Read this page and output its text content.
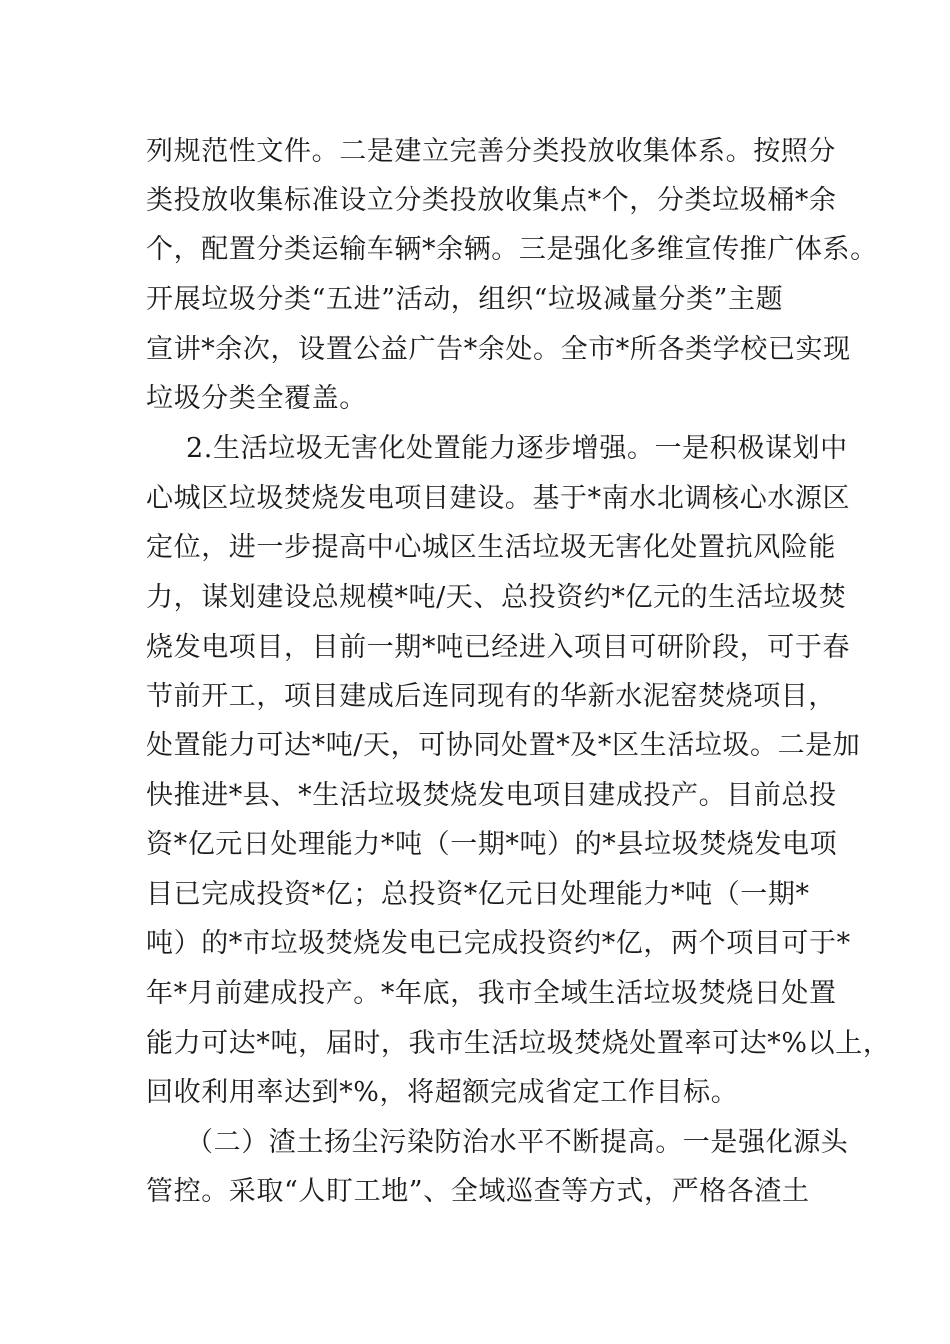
列规范性文件。二是建立完善分类投放收集体系。按照分
类投放收集标准设立分类投放收集点*个，分类垃圾桶*余
个，配置分类运输车辆*余辆。三是强化多维宣传推广体系。
开展垃圾分类“五进”活动，组织“垃圾减量分类”主题
宣讲*余次，设置公益广告*余处。全市*所各类学校已实现
垃圾分类全覆盖。
2.生活垃圾无害化处置能力逐步增强。一是积极谋划中
心城区垃圾焚烧发电项目建设。基于*南水北调核心水源区
定位，进一步提高中心城区生活垃圾无害化处置抗风险能
力，谋划建设总规模*吨/天、总投资约*亿元的生活垃圾焚
烧发电项目，目前一期*吨已经进入项目可研阶段，可于春
节前开工，项目建成后连同现有的华新水泥窑焚烧项目，
处置能力可达*吨/天，可协同处置*及*区生活垃圾。二是加
快推进*县、*生活垃圾焚烧发电项目建成投产。目前总投
资*亿元日处理能力*吨（一期*吨）的*县垃圾焚烧发电项
目已完成投资*亿；总投资*亿元日处理能力*吨（一期*
吨）的*市垃圾焚烧发电已完成投资约*亿，两个项目可于*
年*月前建成投产。*年底，我市全域生活垃圾焚烧日处置
能力可达*吨，届时，我市生活垃圾焚烧处置率可达*%以上，
回收利用率达到*%，将超额完成省定工作目标。
（二）渣土扬尘污染防治水平不断提高。一是强化源头
管控。采取“人盯工地”、全域巡查等方式，严格各渣土
